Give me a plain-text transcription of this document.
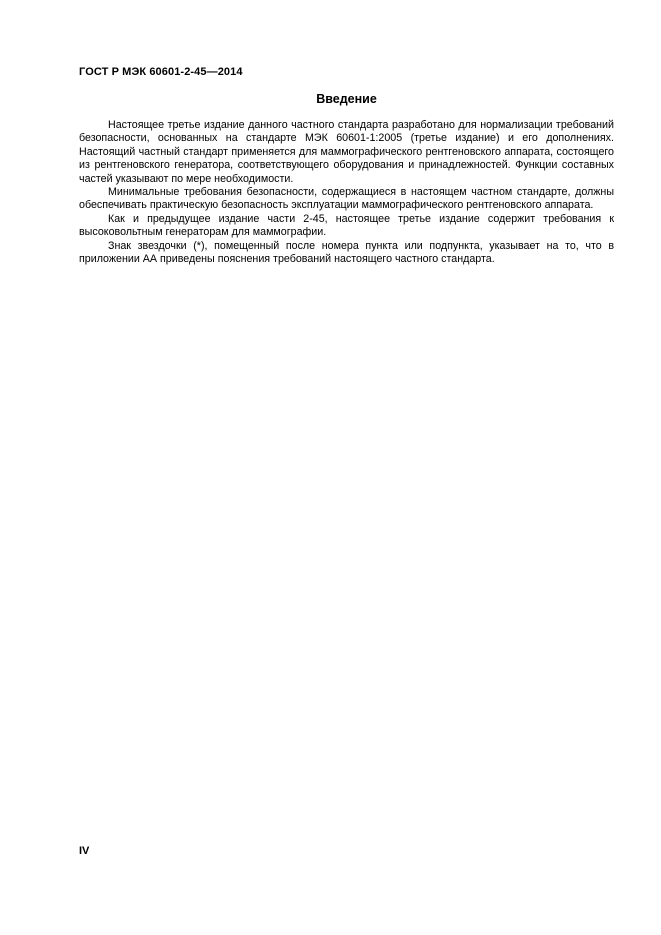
ГОСТ Р МЭК 60601-2-45—2014
Введение

Настоящее третье издание данного частного стандарта разработано для нормализации требований безопасности, основанных на стандарте МЭК 60601-1:2005 (третье издание) и его дополнениях. Настоящий частный стандарт применяется для маммографического рентгеновского аппарата, состоящего из рентгеновского генератора, соответствующего оборудования и принадлежностей. Функции составных частей указывают по мере необходимости.

Минимальные требования безопасности, содержащиеся в настоящем частном стандарте, должны обеспечивать практическую безопасность эксплуатации маммографического рентгеновского аппарата.

Как и предыдущее издание части 2-45, настоящее третье издание содержит требования к высоковольтным генераторам для маммографии.

Знак звездочки (*), помещенный после номера пункта или подпункта, указывает на то, что в приложении АА приведены пояснения требований настоящего частного стандарта.

IV
